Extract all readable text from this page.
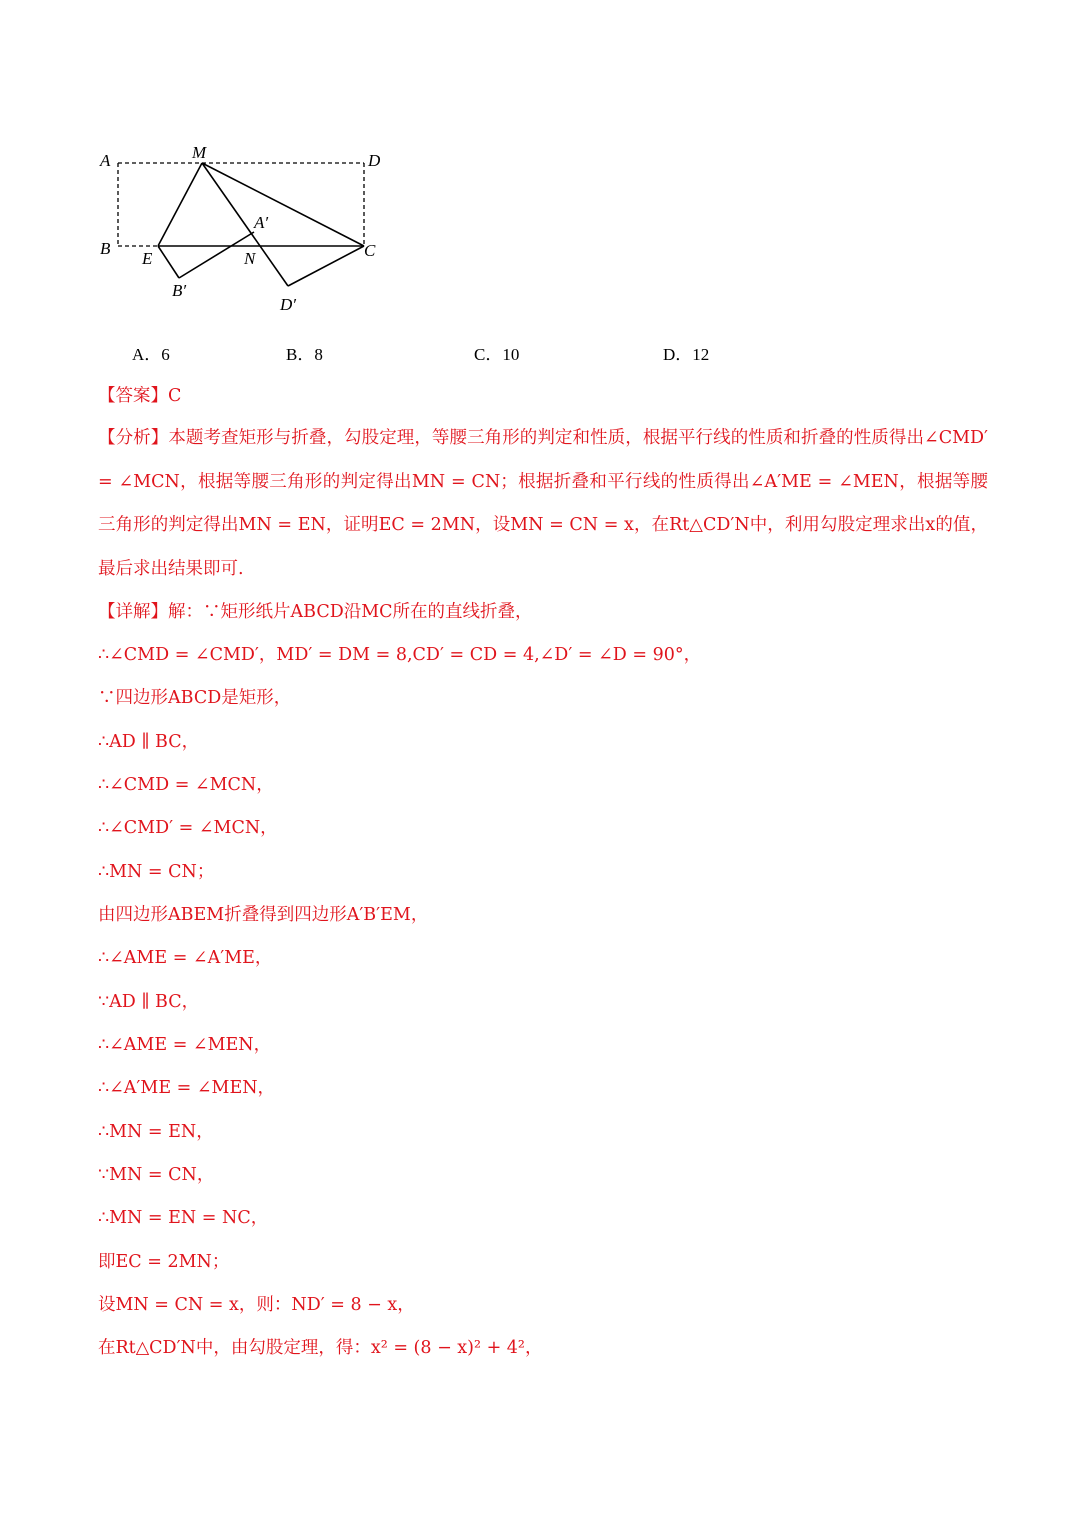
A	M	D
A′
B
E	N	C
B′
D′
A．6	B．8	C．10	D．12
【答案】C
【分析】本题考查矩形与折叠，勾股定理，等腰三角形的判定和性质，根据平行线的性质和折叠的性质得出∠CMD′ = ∠MCN，根据等腰三角形的判定得出MN = CN；根据折叠和平行线的性质得出∠A′ME = ∠MEN，根据等腰三角形的判定得出MN = EN，证明EC = 2MN，设MN = CN = x，在Rt△CD′N中，利用勾股定理求出x的值，最后求出结果即可.
【详解】解：∵矩形纸片ABCD沿MC所在的直线折叠，
∴∠CMD = ∠CMD′，MD′ = DM = 8,CD′ = CD = 4,∠D′ = ∠D = 90°，
∵四边形ABCD是矩形，
∴AD ∥ BC，
∴∠CMD = ∠MCN，
∴∠CMD′ = ∠MCN，
∴MN = CN；
由四边形ABEM折叠得到四边形A′B′EM，
∴∠AME = ∠A′ME，
∵AD ∥ BC，
∴∠AME = ∠MEN，
∴∠A′ME = ∠MEN，
∴MN = EN，
∵MN = CN，
∴MN = EN = NC，
即EC = 2MN；
设MN = CN = x，则：ND′ = 8 − x，
在Rt△CD′N中，由勾股定理，得：x² = (8 − x)² + 4²，
